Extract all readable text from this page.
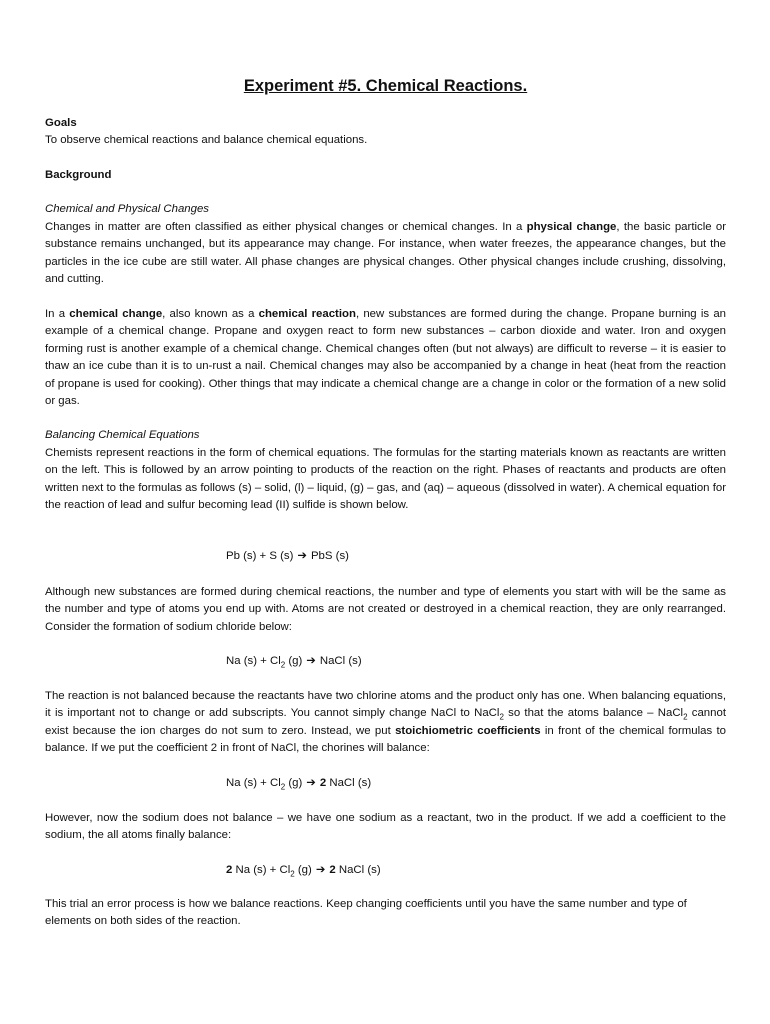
Experiment #5. Chemical Reactions.

Goals

To observe chemical reactions and balance chemical equations.

Background

Chemical and Physical Changes

Changes in matter are often classified as either physical changes or chemical changes. In a physical change, the basic particle or substance remains unchanged, but its appearance may change. For instance, when water freezes, the appearance changes, but the particles in the ice cube are still water. All phase changes are physical changes. Other physical changes include crushing, dissolving, and cutting.

In a chemical change, also known as a chemical reaction, new substances are formed during the change. Propane burning is an example of a chemical change. Propane and oxygen react to form new substances – carbon dioxide and water. Iron and oxygen forming rust is another example of a chemical change. Chemical changes often (but not always) are difficult to reverse – it is easier to thaw an ice cube than it is to un-rust a nail. Chemical changes may also be accompanied by a change in heat (heat from the reaction of propane is used for cooking). Other things that may indicate a chemical change are a change in color or the formation of a new solid or gas.

Balancing Chemical Equations

Chemists represent reactions in the form of chemical equations. The formulas for the starting materials known as reactants are written on the left. This is followed by an arrow pointing to products of the reaction on the right. Phases of reactants and products are often written next to the formulas as follows (s) – solid, (l) – liquid, (g) – gas, and (aq) – aqueous (dissolved in water). A chemical equation for the reaction of lead and sulfur becoming lead (II) sulfide is shown below.

Pb (s) + S (s) ➔ PbS (s)

Although new substances are formed during chemical reactions, the number and type of elements you start with will be the same as the number and type of atoms you end up with. Atoms are not created or destroyed in a chemical reaction, they are only rearranged. Consider the formation of sodium chloride below:

Na $(s) + Cl_2$ (g) ➔ NaCl (s)

The reaction is not balanced because the reactants have two chlorine atoms and the product only has one. When balancing equations, it is important not to change or add subscripts. You cannot simply change NaCl to NaCl$_2$ so that the atoms balance – NaCl$_2$ cannot exist because the ion charges do not sum to zero. Instead, we put stoichiometric coefficients in front of the chemical formulas to balance. If we put the coefficient 2 in front of NaCl, the chorines will balance:

Na $(s) + Cl_2$ (g) ➔ 2 NaCl (s)

However, now the sodium does not balance – we have one sodium as a reactant, two in the product. If we add a coefficient to the sodium, the all atoms finally balance:

2 Na $(s) + Cl_2$ (g) ➔ 2 NaCl (s)

This trial an error process is how we balance reactions. Keep changing coefficients until you have the same number and type of elements on both sides of the reaction.
